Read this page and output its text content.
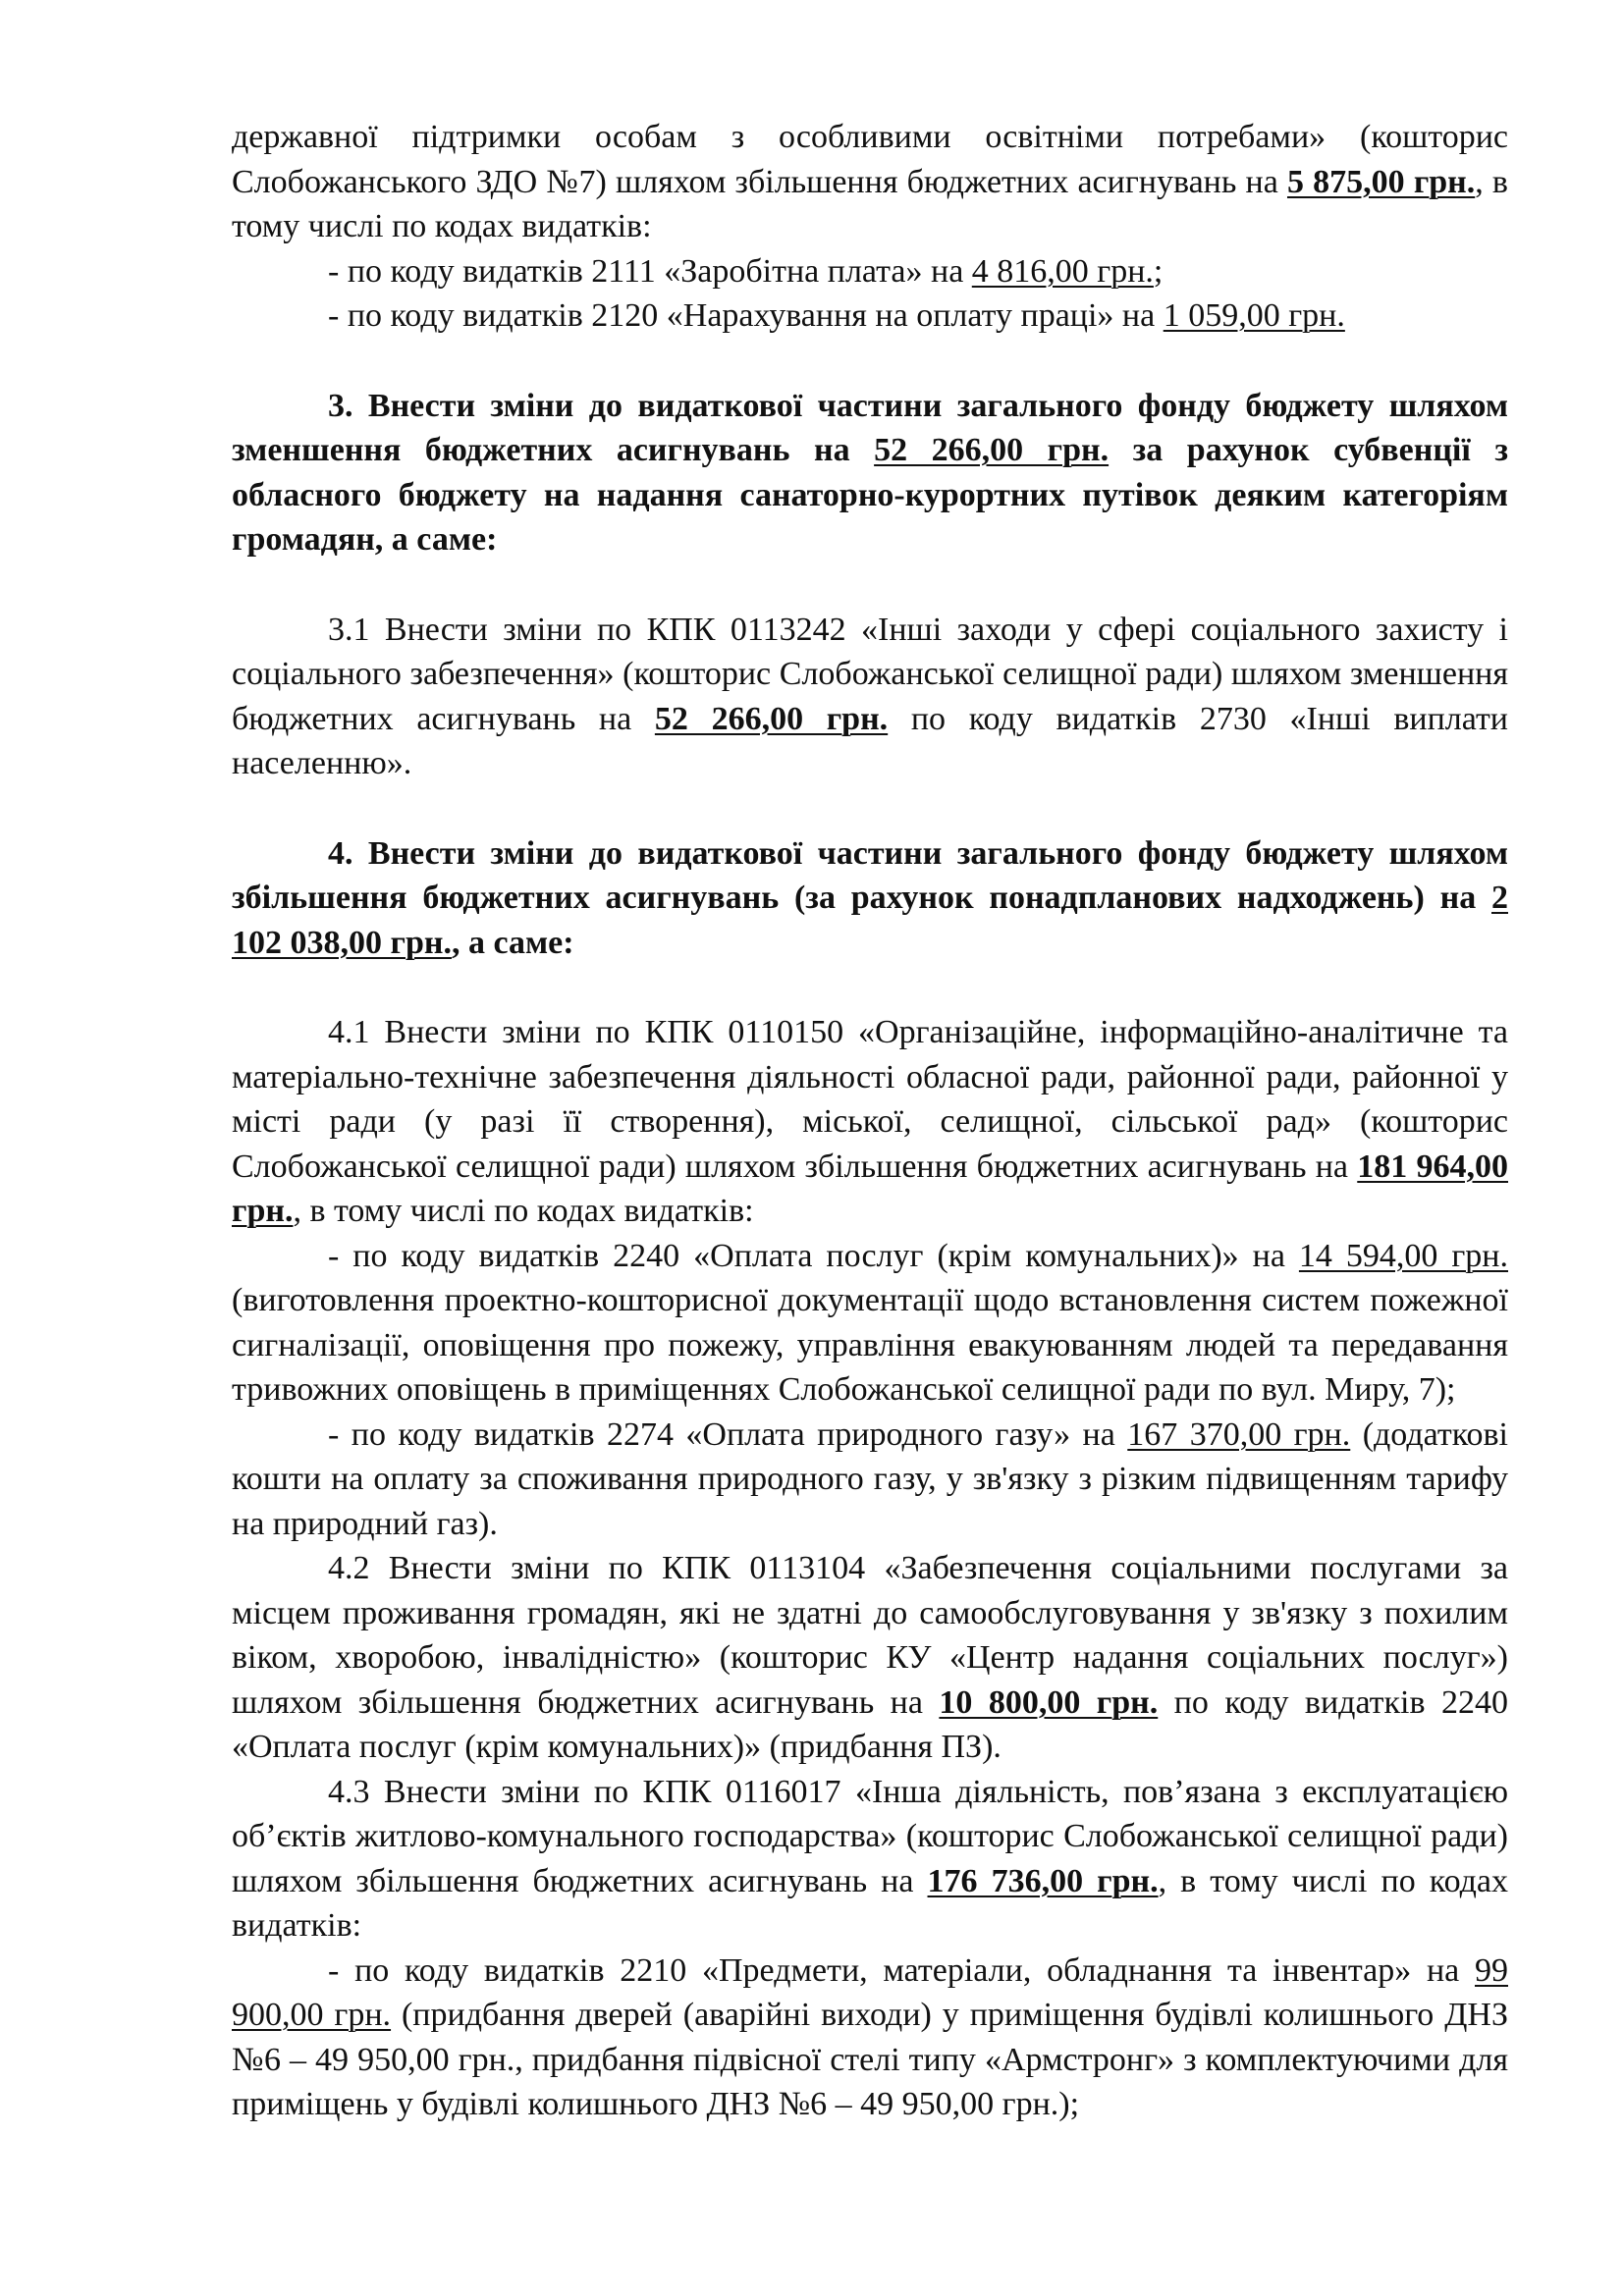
державної підтримки особам з особливими освітніми потребами» (кошторис Слобожанського ЗДО №7) шляхом збільшення бюджетних асигнувань на 5 875,00 грн., в тому числі по кодах видатків:

- по коду видатків 2111 «Заробітна плата» на 4 816,00 грн.;

- по коду видатків 2120 «Нарахування на оплату праці» на 1 059,00 грн.

3. Внести зміни до видаткової частини загального фонду бюджету шляхом зменшення бюджетних асигнувань на 52 266,00 грн. за рахунок субвенції з обласного бюджету на надання санаторно-курортних путівок деяким категоріям громадян, а саме:

3.1 Внести зміни по КПК 0113242 «Інші заходи у сфері соціального захисту і соціального забезпечення» (кошторис Слобожанської селищної ради) шляхом зменшення бюджетних асигнувань на 52 266,00 грн. по коду видатків 2730 «Інші виплати населенню».

4. Внести зміни до видаткової частини загального фонду бюджету шляхом збільшення бюджетних асигнувань (за рахунок понадпланових надходжень) на 2 102 038,00 грн., а саме:

4.1 Внести зміни по КПК 0110150 «Організаційне, інформаційно-аналітичне та матеріально-технічне забезпечення діяльності обласної ради, районної ради, районної у місті ради (у разі її створення), міської, селищної, сільської рад» (кошторис Слобожанської селищної ради) шляхом збільшення бюджетних асигнувань на 181 964,00 грн., в тому числі по кодах видатків:

- по коду видатків 2240 «Оплата послуг (крім комунальних)» на 14 594,00 грн. (виготовлення проектно-кошторисної документації щодо встановлення систем пожежної сигналізації, оповіщення про пожежу, управління евакуюванням людей та передавання тривожних оповіщень в приміщеннях Слобожанської селищної ради по вул. Миру, 7);

- по коду видатків 2274 «Оплата природного газу» на 167 370,00 грн. (додаткові кошти на оплату за споживання природного газу, у зв'язку з різким підвищенням тарифу на природний газ).

4.2 Внести зміни по КПК 0113104 «Забезпечення соціальними послугами за місцем проживання громадян, які не здатні до самообслуговування у зв'язку з похилим віком, хворобою, інвалідністю» (кошторис КУ «Центр надання соціальних послуг») шляхом збільшення бюджетних асигнувань на 10 800,00 грн. по коду видатків 2240 «Оплата послуг (крім комунальних)» (придбання ПЗ).

4.3 Внести зміни по КПК 0116017 «Інша діяльність, пов’язана з експлуатацією об’єктів житлово-комунального господарства» (кошторис Слобожанської селищної ради) шляхом збільшення бюджетних асигнувань на 176 736,00 грн., в тому числі по кодах видатків:

- по коду видатків 2210 «Предмети, матеріали, обладнання та інвентар» на 99 900,00 грн. (придбання дверей (аварійні виходи) у приміщення будівлі колишнього ДНЗ №6 – 49 950,00 грн., придбання підвісної стелі типу «Армстронг» з комплектуючими для приміщень у будівлі колишнього ДНЗ №6 – 49 950,00 грн.);
